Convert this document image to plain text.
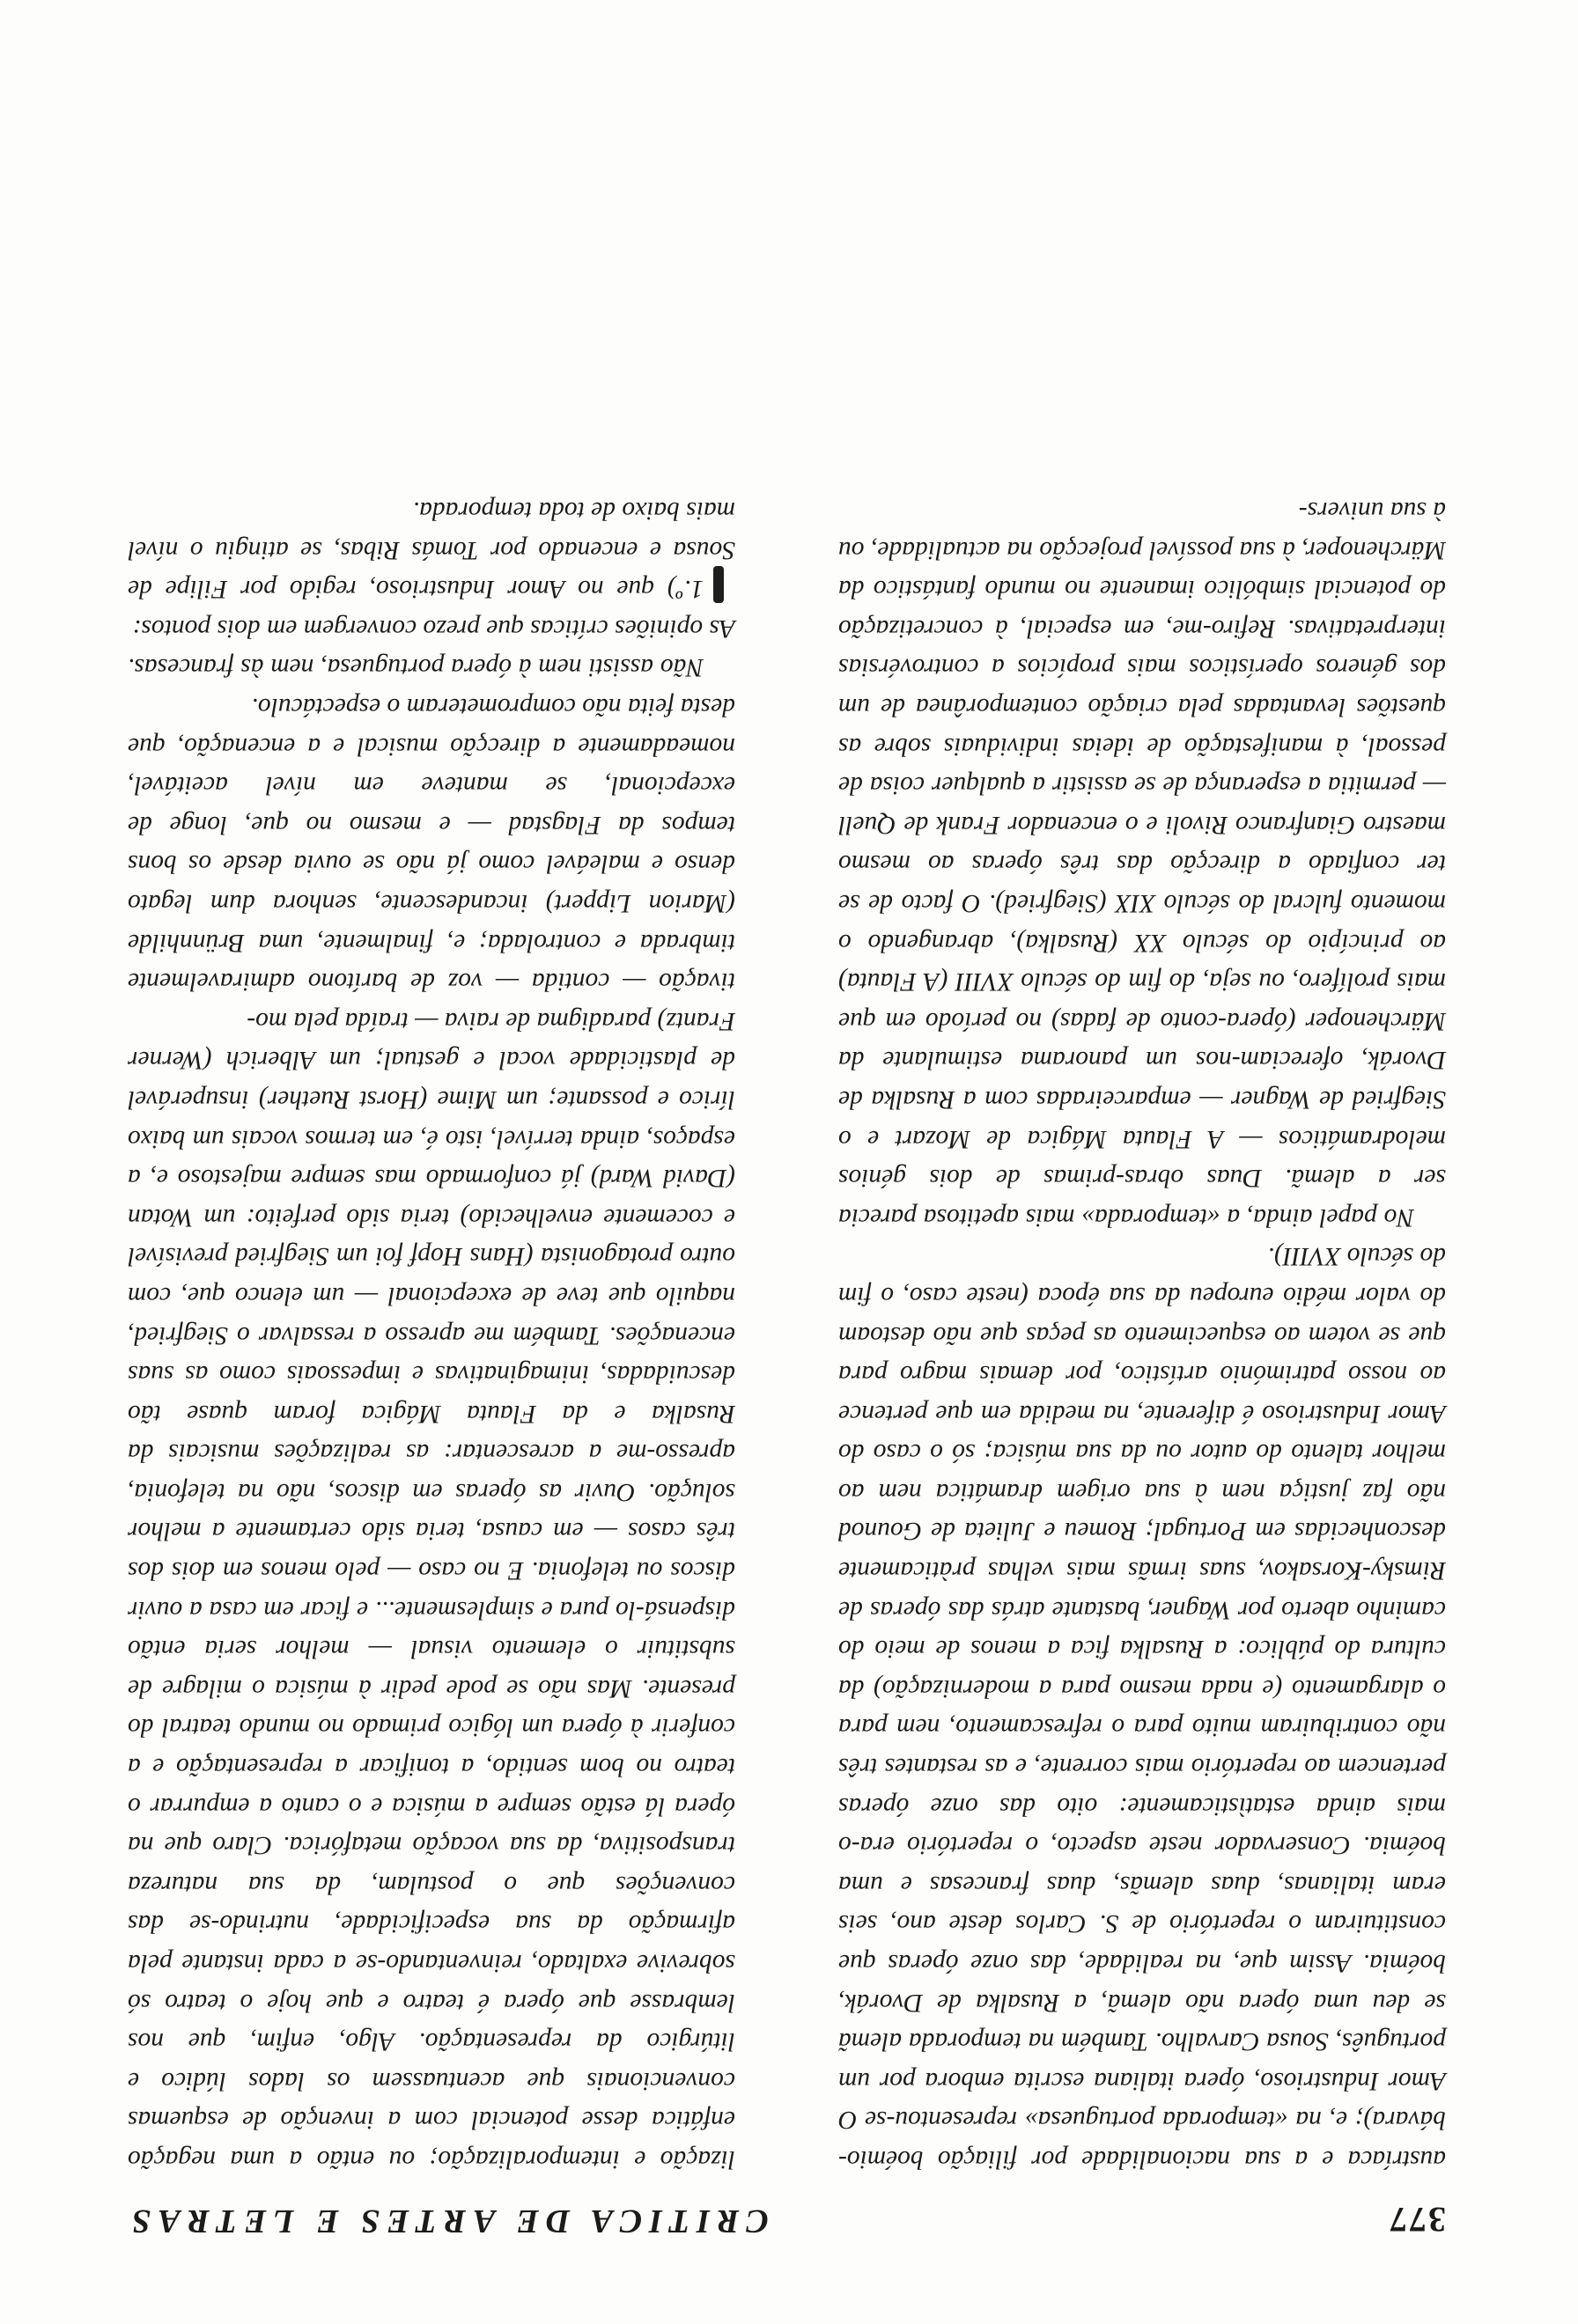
CRITICA DE ARTES E LETRAS	377

austríaca e a sua nacionalidade por filiação boémio-bávara); e, na «temporada portuguesa» representou-se O Amor Industrioso, ópera italiana escrita embora por um português, Sousa Carvalho. Também na temporada alemã se deu uma ópera não alemã, a Rusalka de Dvorák, boémia. Assim que, na realidade, das onze óperas que constituiram o repertório de S. Carlos deste ano, seis eram italianas, duas alemãs, duas francesas e uma boémia. Conservador neste aspecto, o repertório era-o mais ainda estatìsticamente: oito das onze óperas pertencem ao repertório mais corrente, e as restantes três não contribuiram muito para o refrescamento, nem para o alargamento (e nada mesmo para a modernização) da cultura do público: a Rusalka fica a menos de meio do caminho aberto por Wagner, bastante atrás das óperas de Rimsky-Korsakov, suas irmãs mais velhas pràticamente desconhecidas em Portugal; Romeu e Julieta de Gounod não faz justiça nem à sua origem dramática nem ao melhor talento do autor ou da sua música; só o caso do Amor Industrioso é diferente, na medida em que pertence ao nosso património artístico, por demais magro para que se votem ao esquecimento as peças que não destoam do valor médio europeu da sua época (neste caso, o fim do século XVIII).

No papel ainda, a «temporada» mais apetitosa parecia ser a alemã. Duas obras-primas de dois génios melodramáticos — A Flauta Mágica de Mozart e o Siegfried de Wagner — emparceiradas com a Rusalka de Dvorák, ofereciam-nos um panorama estimulante da Märchenoper (ópera-conto de fadas) no período em que mais prolífero, ou seja, do fim do século XVIII (A Flauta) ao princípio do século XX (Rusalka), abrangendo o momento fulcral do século XIX (Siegfried). O facto de se ter confiado a direcção das três óperas ao mesmo maestro Gianfranco Rivoli e o encenador Frank de Quell — permitia a esperança de se assistir a qualquer coisa de pessoal, à manifestação de ideias individuais sobre as questões levantadas pela criação contemporânea de um dos géneros operísticos mais propícios a controvérsias interpretativas. Refiro-me, em especial, à concretização do potencial simbólico imanente no mundo fantástico da Märchenoper, à sua possível projecção na actualidade, ou à sua univers-

lização e intemporalização; ou então a uma negação enfática desse potencial com a invenção de esquemas convencionais que acentuassem os lados lúdico e litúrgico da representação. Algo, enfim, que nos lembrasse que ópera é teatro e que hoje o teatro só sobrevive exaltado, reinventando-se a cada instante pela afirmação da sua especificidade, nutrindo-se das convenções que o postulam, da sua natureza transpositiva, da sua vocação metafórica. Claro que na ópera lá estão sempre a música e o canto a empurrar o teatro no bom sentido, a tonificar a representação e a conferir à ópera um lógico primado no mundo teatral do presente. Mas não se pode pedir à música o milagre de substituir o elemento visual — melhor seria então dispensá-lo pura e simplesmente... e ficar em casa a ouvir discos ou telefonia. E no caso — pelo menos em dois dos três casos — em causa, teria sido certamente a melhor solução. Ouvir as óperas em discos, não na telefonia, apresso-me a acrescentar: as realizações musicais da Rusalka e da Flauta Mágica foram quase tão descuidadas, inimaginativas e impessoais como as suas encenações. Também me apresso a ressalvar o Siegfried, naquilo que teve de excepcional — um elenco que, com outro protagonista (Hans Hopf foi um Siegfried previsível e cocemente envelhecido) teria sido perfeito: um Wotan (David Ward) já conformado mas sempre majestoso e, a espaços, ainda terrível, isto é, em termos vocais um baixo lírico e possante; um Mime (Horst Ruether) insuperável de plasticidade vocal e gestual; um Alberich (Werner Frantz) paradigma de raiva — traída pela mo-

tivação — contida — voz de barítono admiravelmente timbrada e controlada; e, finalmente, uma Brünnhilde (Marion Lippert) incandescente, senhora dum legato denso e maleável como já não se ouvia desde os bons tempos da Flagstad — e mesmo no que, longe de excepcional, se manteve em nível aceitável, nomeadamente a direcção musical e a encenação, que desta feita não comprometeram o espectáculo.

Não assisti nem à ópera portuguesa, nem às francesas. As opiniões críticas que prezo convergem em dois pontos:

1.º) que no Amor Industrioso, regido por Filipe de Sousa e encenado por Tomás Ribas, se atingiu o nível mais baixo de toda temporada.
